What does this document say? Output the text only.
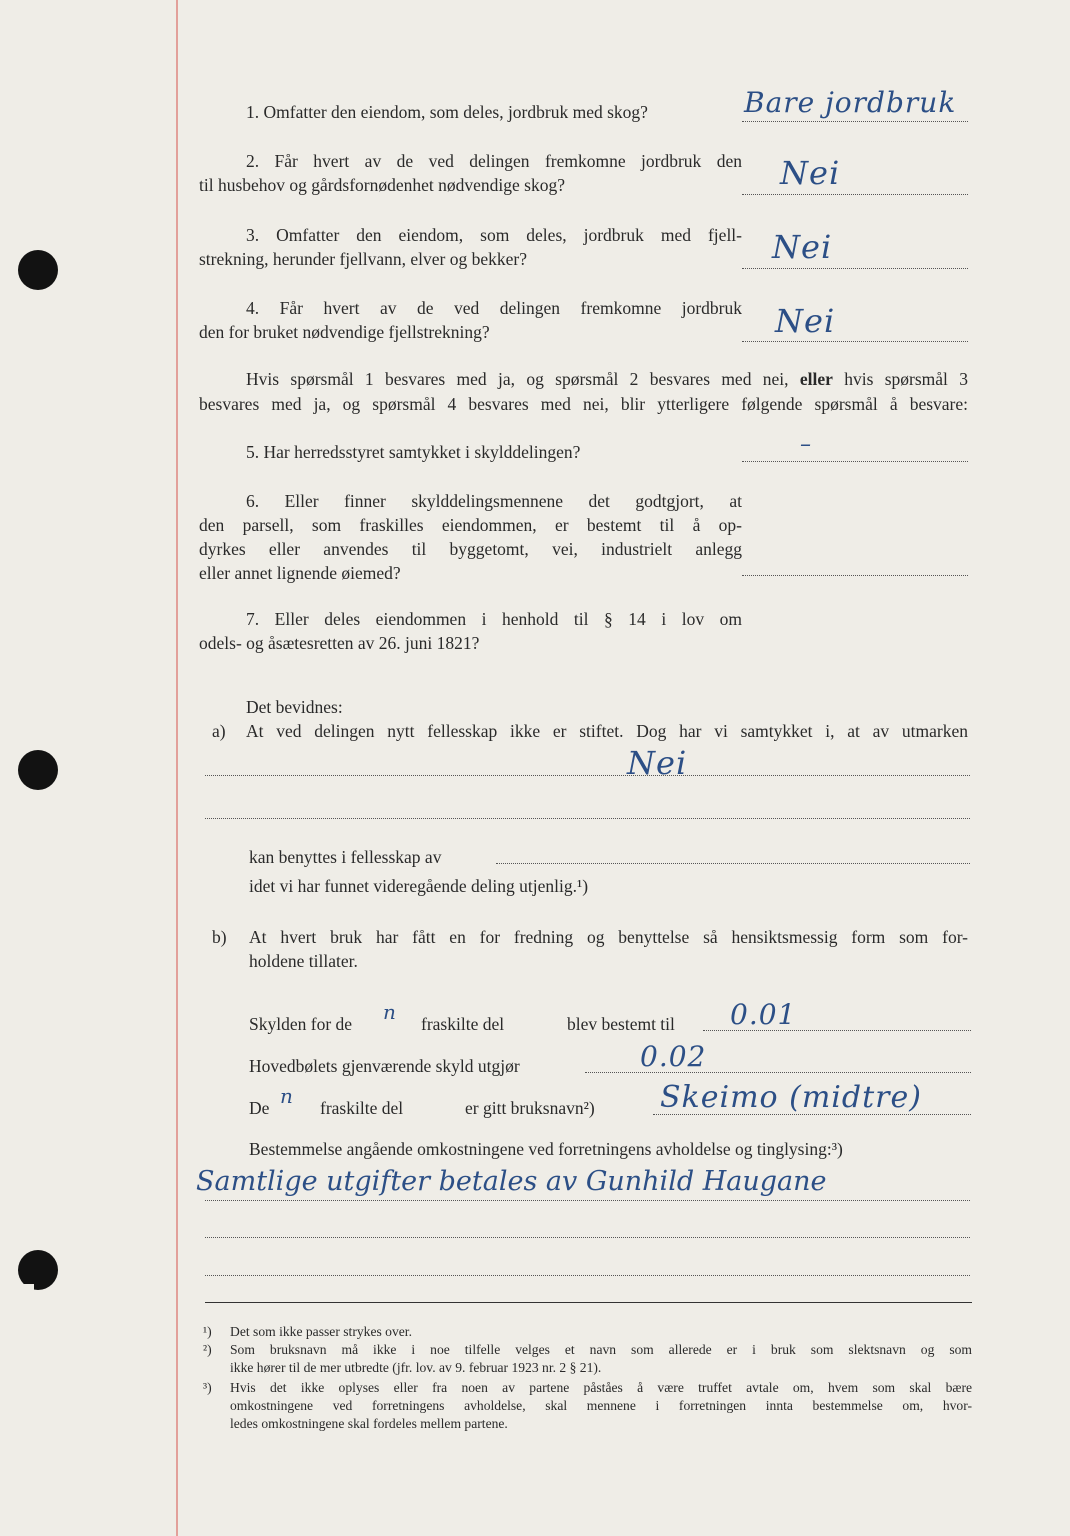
1. Omfatter den eiendom, som deles, jordbruk med skog?	Bare jordbruk
2. Får hvert av de ved delingen fremkomne jordbruk den
til husbehov og gårdsfornødenhet nødvendige skog?	Nei
3. Omfatter den eiendom, som deles, jordbruk med fjell-
strekning, herunder fjellvann, elver og bekker?	Nei
4. Får hvert av de ved delingen fremkomne jordbruk
den for bruket nødvendige fjellstrekning?	Nei
Hvis spørsmål 1 besvares med ja, og spørsmål 2 besvares med nei, eller hvis spørsmål 3
besvares med ja, og spørsmål 4 besvares med nei, blir ytterligere følgende spørsmål å besvare:
5. Har herredsstyret samtykket i skylddelingen?	–
6. Eller finner skylddelingsmennene det godtgjort, at
den parsell, som fraskilles eiendommen, er bestemt til å op-
dyrkes eller anvendes til byggetomt, vei, industrielt anlegg
eller annet lignende øiemed?
7. Eller deles eiendommen i henhold til § 14 i lov om
odels- og åsætesretten av 26. juni 1821?
Det bevidnes:
a) At ved delingen nytt fellesskap ikke er stiftet. Dog har vi samtykket i, at av utmarken
Nei
kan benyttes i fellesskap av
idet vi har funnet videregående deling utjenlig.¹)
b) At hvert bruk har fått en for fredning og benyttelse så hensiktsmessig form som for-
holdene tillater.
Skylden for de n fraskilte del	blev bestemt til 0.01
Hovedbølets gjenværende skyld utgjør	0.02
De n fraskilte del	er gitt bruksnavn²) Skeimo (midtre)
Bestemmelse angående omkostningene ved forretningens avholdelse og tinglysing:³)
Samtlige utgifter betales av Gunhild Haugane
¹) Det som ikke passer strykes over.
²) Som bruksnavn må ikke i noe tilfelle velges et navn som allerede er i bruk som slektsnavn og som
ikke hører til de mer utbredte (jfr. lov. av 9. februar 1923 nr. 2 § 21).
³) Hvis det ikke oplyses eller fra noen av partene påståes å være truffet avtale om, hvem som skal bære
omkostningene ved forretningens avholdelse, skal mennene i forretningen innta bestemmelse om, hvor-
ledes omkostningene skal fordeles mellem partene.
